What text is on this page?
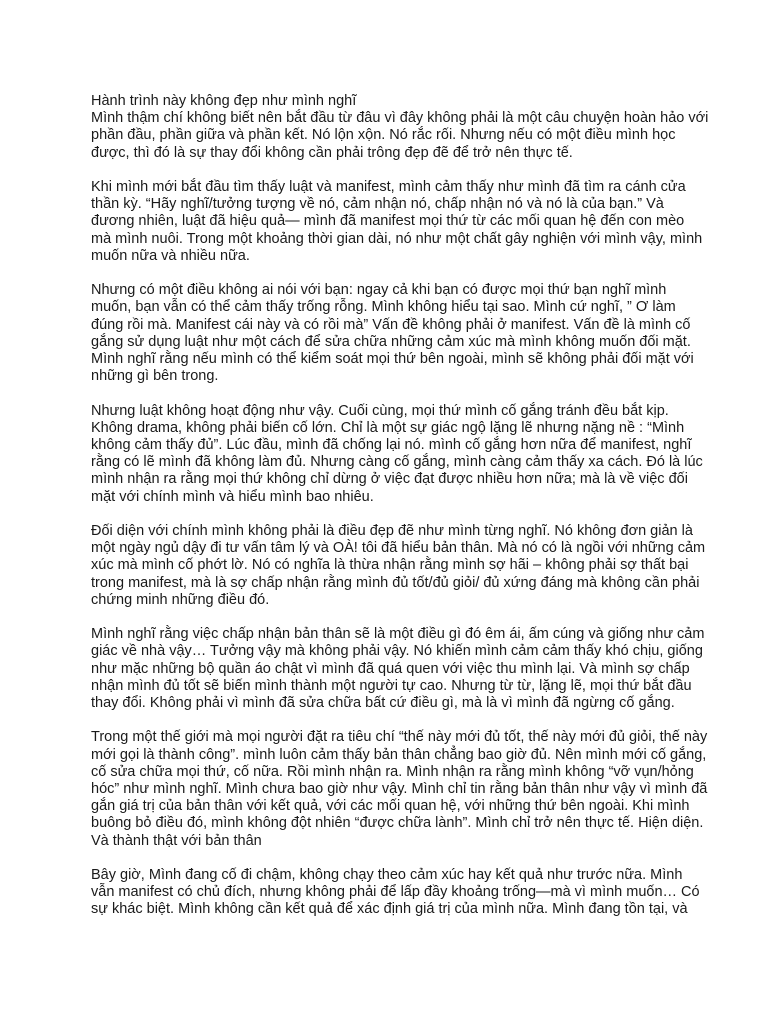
Hành trình này không đẹp như mình nghĩ
Mình thậm chí không biết nên bắt đầu từ đâu vì đây không phải là một câu chuyện hoàn hảo với
phần đầu, phần giữa và phần kết. Nó lộn xộn. Nó rắc rối. Nhưng nếu có một điều mình học
được, thì đó là sự thay đổi không cần phải trông đẹp đẽ để trở nên thực tế.
Khi mình mới bắt đầu tìm thấy luật và manifest, mình cảm thấy như mình đã tìm ra cánh cửa
thần kỳ. “Hãy nghĩ/tưởng tượng về nó, cảm nhận nó, chấp nhận nó và nó là của bạn.” Và
đương nhiên, luật đã hiệu quả— mình đã manifest mọi thứ từ các mối quan hệ đến con mèo
mà mình nuôi. Trong một khoảng thời gian dài, nó như một chất gây nghiện với mình vậy, mình
muốn nữa và nhiều nữa.
Nhưng có một điều không ai nói với bạn: ngay cả khi bạn có được mọi thứ bạn nghĩ mình
muốn, bạn vẫn có thể cảm thấy trống rỗng. Mình không hiểu tại sao. Mình cứ nghĩ, ” Ơ làm
đúng rồi mà. Manifest cái này và có rồi mà” Vấn đề không phải ở manifest. Vấn đề là mình cố
gắng sử dụng luật như một cách để sửa chữa những cảm xúc mà mình không muốn đối mặt.
Mình nghĩ rằng nếu mình có thể kiểm soát mọi thứ bên ngoài, mình sẽ không phải đối mặt với
những gì bên trong.
Nhưng luật không hoạt động như vậy. Cuối cùng, mọi thứ mình cố gắng tránh đều bắt kịp.
Không drama, không phải biến cố lớn. Chỉ là một sự giác ngộ lặng lẽ nhưng nặng nề : “Mình
không cảm thấy đủ”. Lúc đầu, mình đã chống lại nó. mình cố gắng hơn nữa để manifest, nghĩ
rằng có lẽ mình đã không làm đủ. Nhưng càng cố gắng, mình càng cảm thấy xa cách. Đó là lúc
mình nhận ra rằng mọi thứ không chỉ dừng ở việc đạt được nhiều hơn nữa; mà là về việc đối
mặt với chính mình và hiểu mình bao nhiêu.
Đối diện với chính mình không phải là điều đẹp đẽ như mình từng nghĩ. Nó không đơn giản là
một ngày ngủ dậy đi tư vấn tâm lý và OÀ! tôi đã hiểu bản thân. Mà nó có là ngồi với những cảm
xúc mà mình cố phớt lờ. Nó có nghĩa là thừa nhận rằng mình sợ hãi – không phải sợ thất bại
trong manifest, mà là sợ chấp nhận rằng mình đủ tốt/đủ giỏi/ đủ xứng đáng mà không cần phải
chứng minh những điều đó.
Mình nghĩ rằng việc chấp nhận bản thân sẽ là một điều gì đó êm ái, ấm cúng và giống như cảm
giác về nhà vậy… Tưởng vậy mà không phải vậy. Nó khiến mình cảm cảm thấy khó chịu, giống
như mặc những bộ quần áo chật vì mình đã quá quen với việc thu mình lại. Và mình sợ chấp
nhận mình đủ tốt sẽ biến mình thành một người tự cao. Nhưng từ từ, lặng lẽ, mọi thứ bắt đầu
thay đổi. Không phải vì mình đã sửa chữa bất cứ điều gì, mà là vì mình đã ngừng cố gắng.
Trong một thế giới mà mọi người đặt ra tiêu chí “thế này mới đủ tốt, thế này mới đủ giỏi, thế này
mới gọi là thành công”. mình luôn cảm thấy bản thân chẳng bao giờ đủ. Nên mình mới cố gắng,
cố sửa chữa mọi thứ, cố nữa. Rồi mình nhận ra. Mình nhận ra rằng mình không “vỡ vụn/hỏng
hóc” như mình nghĩ. Mình chưa bao giờ như vậy. Mình chỉ tin rằng bản thân như vậy vì mình đã
gắn giá trị của bản thân với kết quả, với các mối quan hệ, với những thứ bên ngoài. Khi mình
buông bỏ điều đó, mình không đột nhiên “được chữa lành”. Mình chỉ trở nên thực tế. Hiện diện.
Và thành thật với bản thân
Bây giờ, Mình đang cố đi chậm, không chạy theo cảm xúc hay kết quả như trước nữa. Mình
vẫn manifest có chủ đích, nhưng không phải để lấp đầy khoảng trống—mà vì mình muốn… Có
sự khác biệt. Mình không cần kết quả để xác định giá trị của mình nữa. Mình đang tồn tại, và
